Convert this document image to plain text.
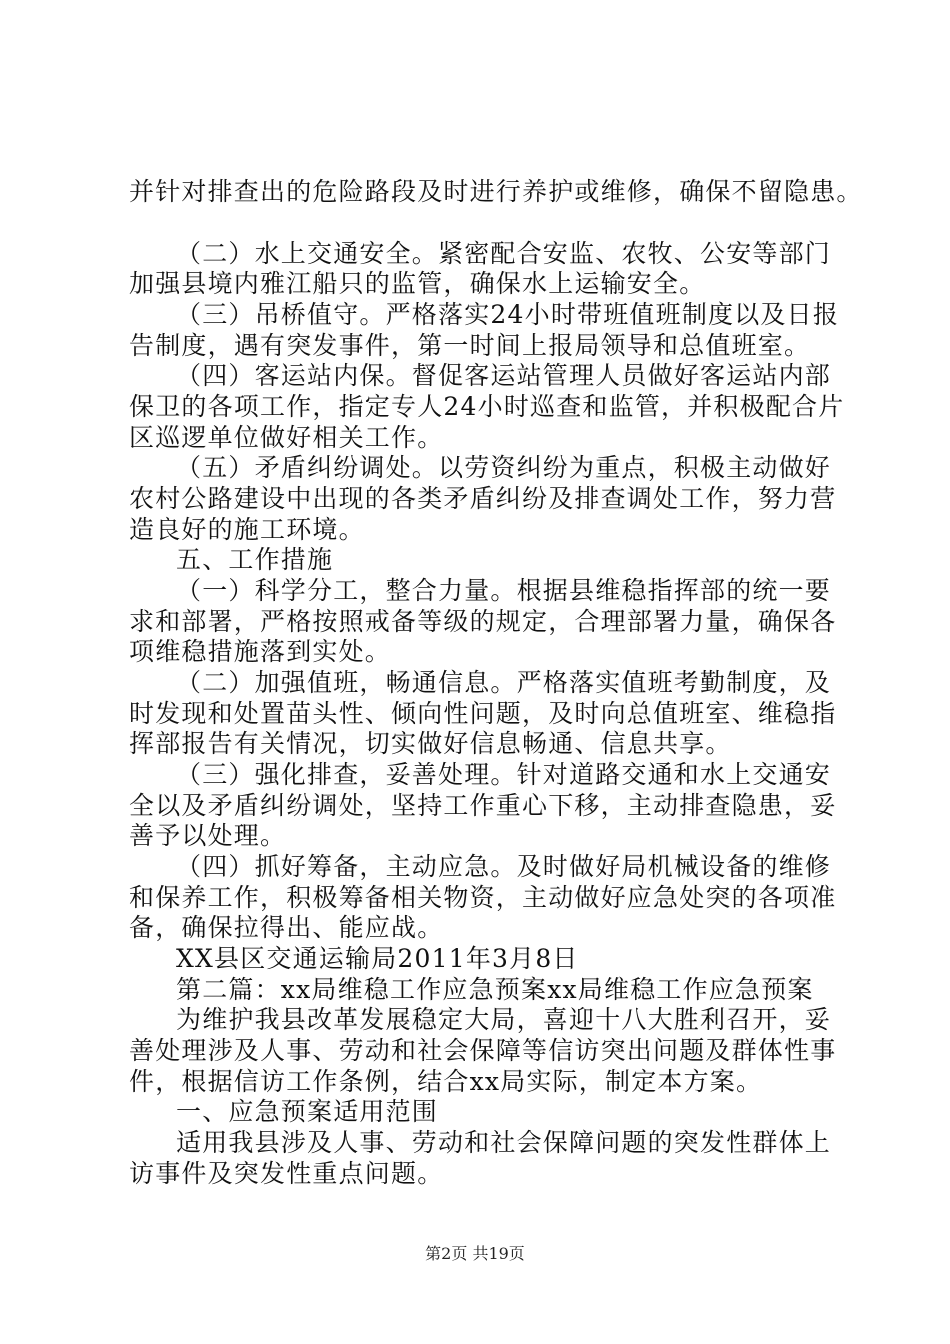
并针对排查出的危险路段及时进行养护或维修，确保不留隐患。
（二）水上交通安全。紧密配合安监、农牧、公安等部门
加强县境内雅江船只的监管，确保水上运输安全。
（三）吊桥值守。严格落实24小时带班值班制度以及日报
告制度，遇有突发事件，第一时间上报局领导和总值班室。
（四）客运站内保。督促客运站管理人员做好客运站内部
保卫的各项工作，指定专人24小时巡查和监管，并积极配合片
区巡逻单位做好相关工作。
（五）矛盾纠纷调处。以劳资纠纷为重点，积极主动做好
农村公路建设中出现的各类矛盾纠纷及排查调处工作，努力营
造良好的施工环境。
五、工作措施
（一）科学分工，整合力量。根据县维稳指挥部的统一要
求和部署，严格按照戒备等级的规定，合理部署力量，确保各
项维稳措施落到实处。
（二）加强值班，畅通信息。严格落实值班考勤制度，及
时发现和处置苗头性、倾向性问题，及时向总值班室、维稳指
挥部报告有关情况，切实做好信息畅通、信息共享。
（三）强化排查，妥善处理。针对道路交通和水上交通安
全以及矛盾纠纷调处，坚持工作重心下移，主动排查隐患，妥
善予以处理。
（四）抓好筹备，主动应急。及时做好局机械设备的维修
和保养工作，积极筹备相关物资，主动做好应急处突的各项准
备，确保拉得出、能应战。
XX县区交通运输局2011年3月8日
第二篇：xx局维稳工作应急预案xx局维稳工作应急预案
为维护我县改革发展稳定大局，喜迎十八大胜利召开，妥
善处理涉及人事、劳动和社会保障等信访突出问题及群体性事
件，根据信访工作条例，结合xx局实际，制定本方案。
一、应急预案适用范围
适用我县涉及人事、劳动和社会保障问题的突发性群体上
访事件及突发性重点问题。
第2页 共19页
